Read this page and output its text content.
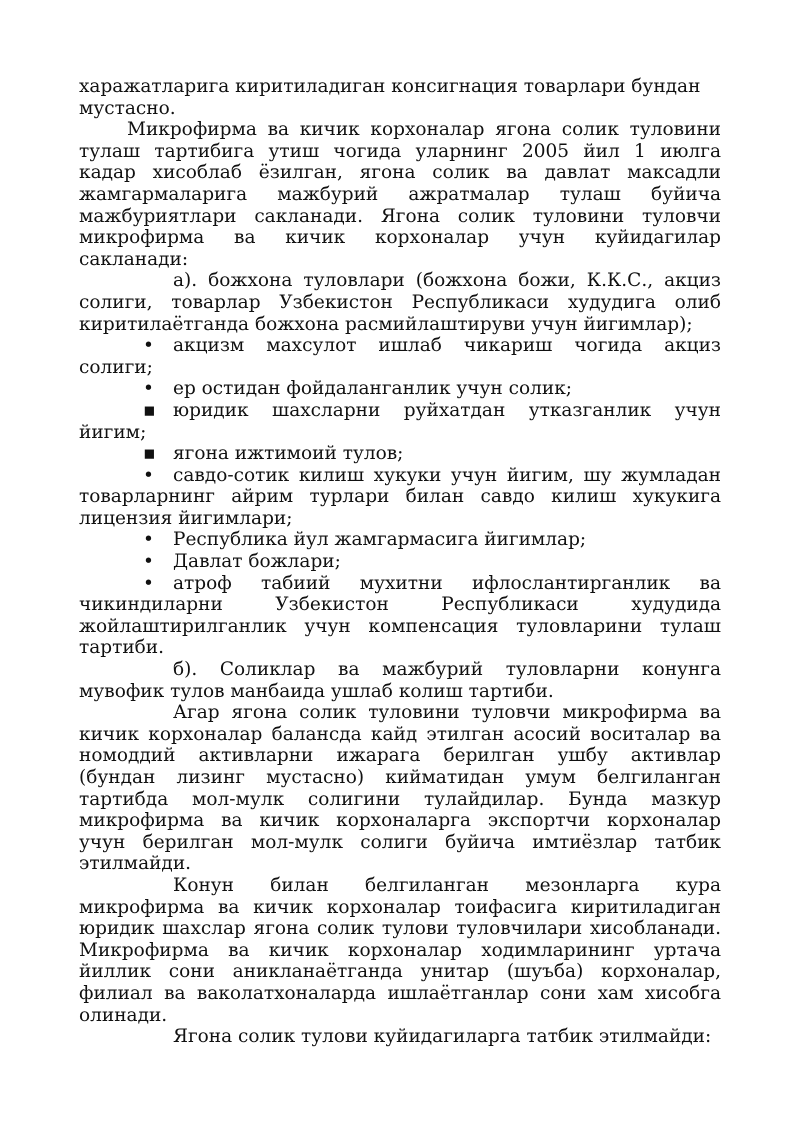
харажатларига киритиладиган консигнация товарлари бундан
мустасно.
Микрофирма ва кичик корхоналар ягона солик туловини
тулаш тартибига утиш чогида уларнинг 2005 йил 1 июлга
кадар хисоблаб ёзилган, ягона солик ва давлат максадли
жамгармаларига мажбурий ажратмалар тулаш буйича
мажбуриятлари сакланади. Ягона солик туловини туловчи
микрофирма ва кичик корхоналар учун куйидагилар
сакланади:
а). божхона туловлари (божхона божи, К.К.С., акциз
солиги, товарлар Узбекистон Республикаси худудига олиб
киритилаётганда божхона расмийлаштируви учун йигимлар);
•	акцизм махсулот ишлаб чикариш чогида акциз
солиги;
•	ер остидан фойдаланганлик учун солик;
▪ юридик шахсларни руйхатдан утказганлик учун
йигим;
▪ ягона ижтимоий тулов;
•	савдо-сотик килиш хукуки учун йигим, шу жумладан
товарларнинг айрим турлари билан савдо килиш хукукига
лицензия йигимлари;
•	Республика йул жамгармасига йигимлар;
•	Давлат божлари;
•	атроф табиий мухитни ифлослантирганлик ва
чикиндиларни Узбекистон Республикаси худудида
жойлаштирилганлик учун компенсация туловларини тулаш
тартиби.
б). Соликлар ва мажбурий туловларни конунга
мувофик тулов манбаида ушлаб колиш тартиби.
Агар ягона солик туловини туловчи микрофирма ва
кичик корхоналар балансда кайд этилган асосий воситалар ва
номоддий активларни ижарага берилган ушбу активлар
(бундан лизинг мустасно) кийматидан умум белгиланган
тартибда мол-мулк солигини тулайдилар. Бунда мазкур
микрофирма ва кичик корхоналарга экспортчи корхоналар
учун берилган мол-мулк солиги буйича имтиёзлар татбик
этилмайди.
Конун билан белгиланган мезонларга кура
микрофирма ва кичик корхоналар тоифасига киритиладиган
юридик шахслар ягона солик тулови туловчилари хисобланади.
Микрофирма ва кичик корхоналар ходимларининг уртача
йиллик сони аникланаётганда унитар (шуъба) корхоналар,
филиал ва ваколатхоналарда ишлаётганлар сони хам хисобга
олинади.
Ягона солик тулови куйидагиларга татбик этилмайди:
